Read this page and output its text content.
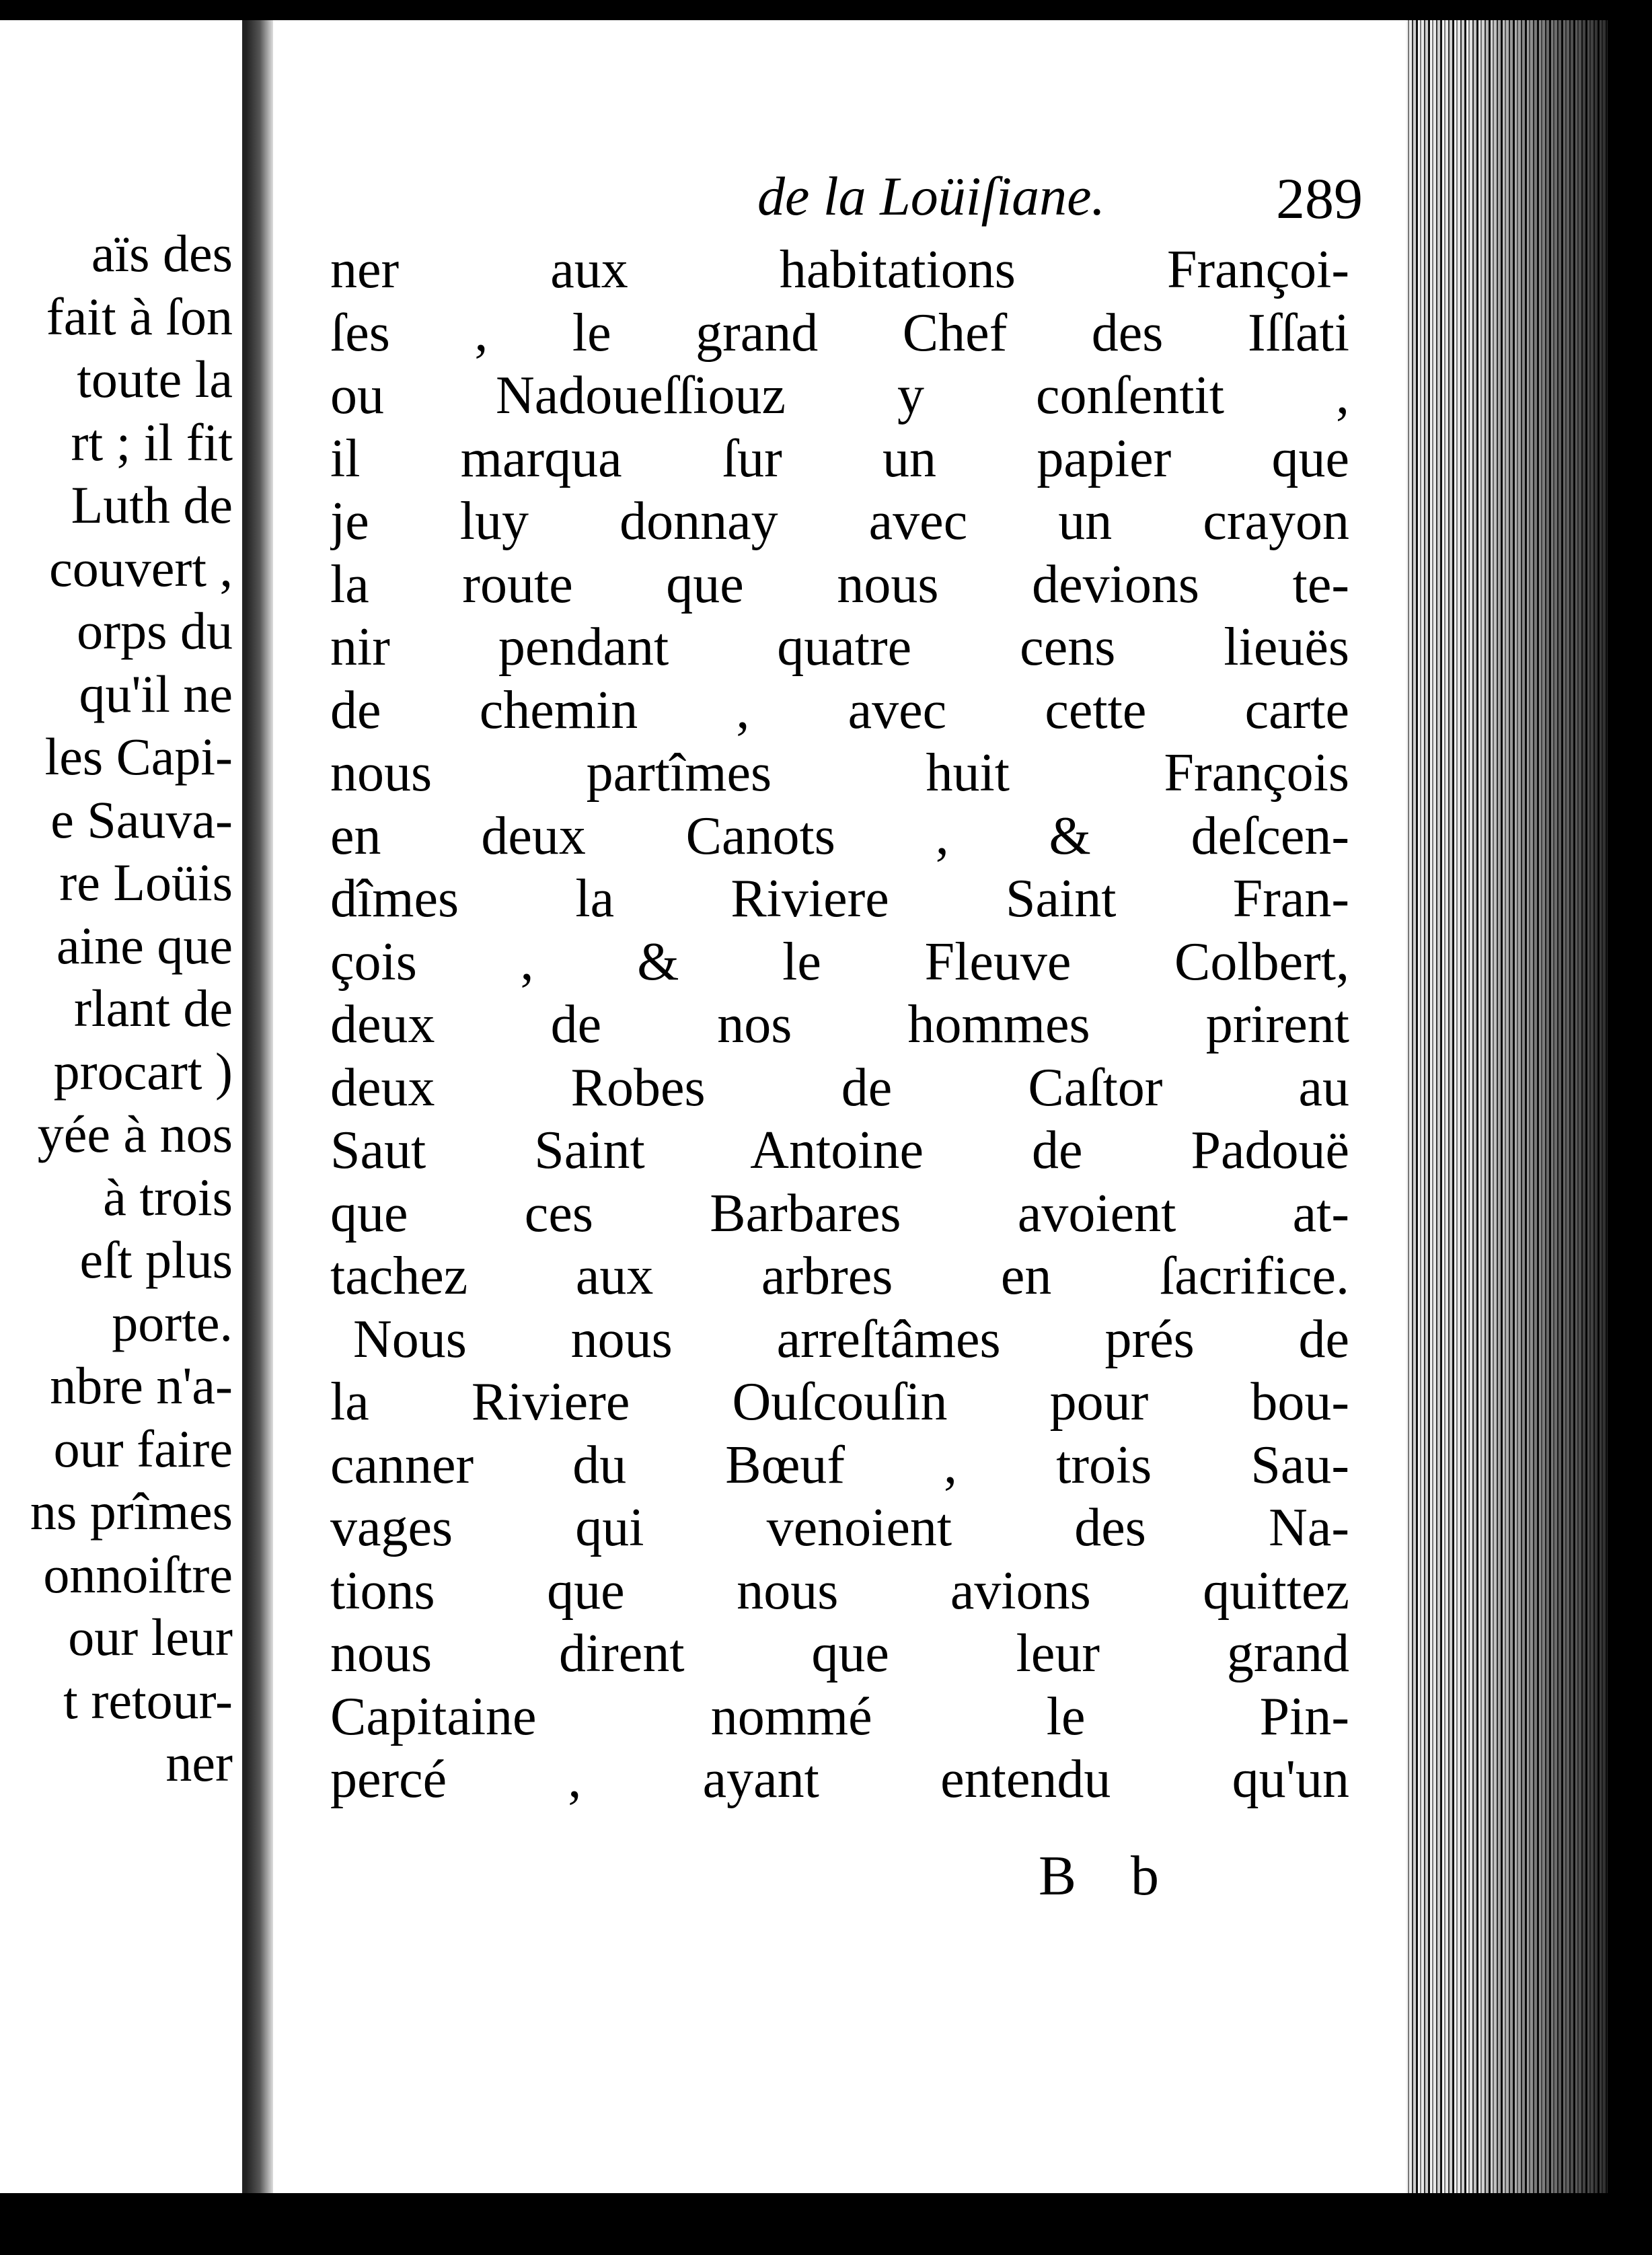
aïs des
fait à ſon
toute la
rt ; il fit
Luth de
couvert ,
orps du
qu'il ne
les Capi-
e Sauva-
re Loüis
aine que
rlant de
procart )
yée à nos
à trois
eſt plus
porte.
nbre n'a-
our faire
ns prîmes
onnoiſtre
our leur
t retour-
ner
de la Loüiſiane.	289
ner aux habitations Françoi-
ſes , le grand Chef des Iſſati
ou Nadoueſſiouz y conſentit ,
il marqua ſur un papier que
je luy donnay avec un crayon
la route que nous devions te-
nir pendant quatre cens lieuës
de chemin , avec cette carte
nous partîmes huit François
en deux Canots , & deſcen-
dîmes la Riviere Saint Fran-
çois , & le Fleuve Colbert,
deux de nos hommes prirent
deux Robes de Caſtor au
Saut Saint Antoine de Padouë
que ces Barbares avoient at-
tachez aux arbres en ſacrifice.
Nous nous arreſtâmes prés de
la Riviere Ouſcouſin pour bou-
canner du Bœuf , trois Sau-
vages qui venoient des Na-
tions que nous avions quittez
nous dirent que leur grand
Capitaine nommé le Pin-
percé , ayant entendu qu'un
B b
